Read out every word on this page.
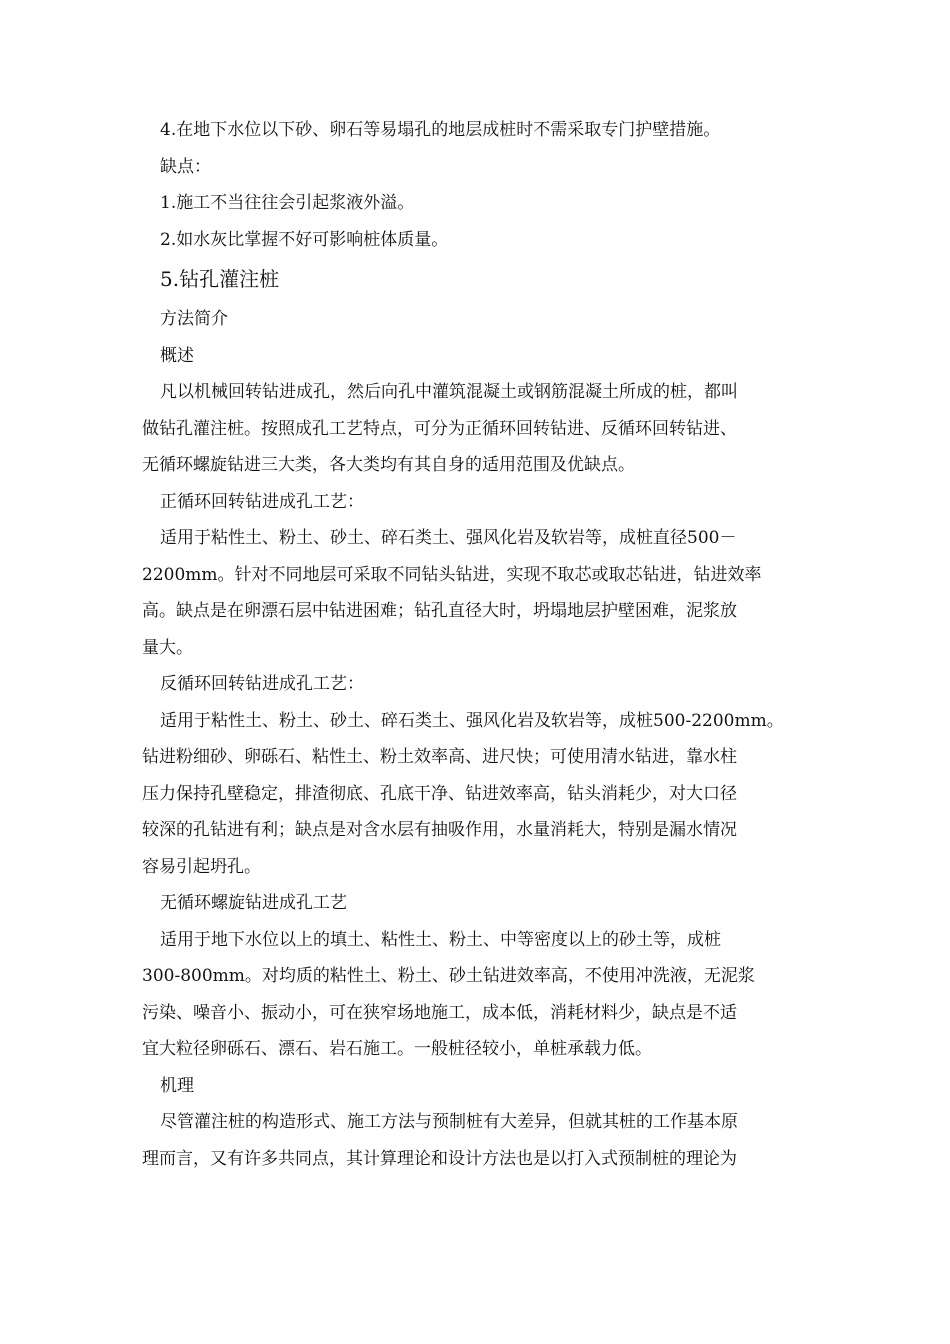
4.在地下水位以下砂、卵石等易塌孔的地层成桩时不需采取专门护壁措施。
缺点：
1.施工不当往往会引起浆液外溢。
2.如水灰比掌握不好可影响桩体质量。
5.钻孔灌注桩
方法简介
概述
凡以机械回转钻进成孔，然后向孔中灌筑混凝土或钢筋混凝土所成的桩，都叫
做钻孔灌注桩。按照成孔工艺特点，可分为正循环回转钻进、反循环回转钻进、
无循环螺旋钻进三大类，各大类均有其自身的适用范围及优缺点。
正循环回转钻进成孔工艺：
适用于粘性土、粉土、砂土、碎石类土、强风化岩及软岩等，成桩直径500－
2200mm。针对不同地层可采取不同钻头钻进，实现不取芯或取芯钻进，钻进效率
高。缺点是在卵漂石层中钻进困难；钻孔直径大时，坍塌地层护壁困难，泥浆放
量大。
反循环回转钻进成孔工艺：
适用于粘性土、粉土、砂土、碎石类土、强风化岩及软岩等，成桩500-2200mm。
钻进粉细砂、卵砾石、粘性土、粉土效率高、进尺快；可使用清水钻进，靠水柱
压力保持孔壁稳定，排渣彻底、孔底干净、钻进效率高，钻头消耗少，对大口径
较深的孔钻进有利；缺点是对含水层有抽吸作用，水量消耗大，特别是漏水情况
容易引起坍孔。
无循环螺旋钻进成孔工艺
适用于地下水位以上的填土、粘性土、粉土、中等密度以上的砂土等，成桩
300-800mm。对均质的粘性土、粉土、砂土钻进效率高，不使用冲洗液，无泥浆
污染、噪音小、振动小，可在狭窄场地施工，成本低，消耗材料少，缺点是不适
宜大粒径卵砾石、漂石、岩石施工。一般桩径较小，单桩承载力低。
机理
尽管灌注桩的构造形式、施工方法与预制桩有大差异，但就其桩的工作基本原
理而言，又有许多共同点，其计算理论和设计方法也是以打入式预制桩的理论为
